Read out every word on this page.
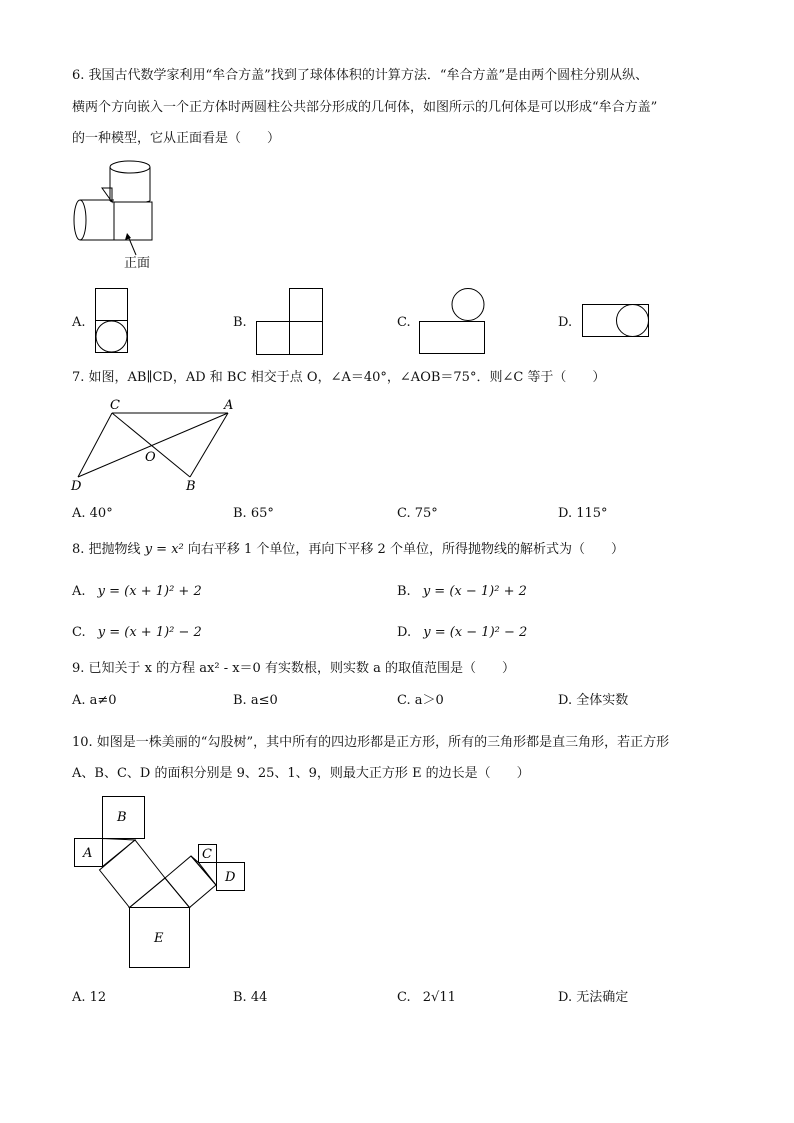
6. 我国古代数学家利用“牟合方盖”找到了球体体积的计算方法．“牟合方盖”是由两个圆柱分别从纵、
横两个方向嵌入一个正方体时两圆柱公共部分形成的几何体，如图所示的几何体是可以形成“牟合方盖”
的一种模型，它从正面看是（　　）
正面
A.	B.	C.	D.
7. 如图，AB∥CD，AD 和 BC 相交于点 O，∠A＝40°，∠AOB＝75°．则∠C 等于（　　）
C	A
O
D	B
A. 40°	B. 65°	C. 75°	D. 115°
8. 把抛物线 y = x² 向右平移 1 个单位，再向下平移 2 个单位，所得抛物线的解析式为（　　）
A. y = (x + 1)² + 2	B. y = (x − 1)² + 2
C. y = (x + 1)² − 2	D. y = (x − 1)² − 2
9. 已知关于 x 的方程 ax² - x＝0 有实数根，则实数 a 的取值范围是（　　）
A. a≠0	B. a≤0	C. a＞0	D. 全体实数
10. 如图是一株美丽的“勾股树”，其中所有的四边形都是正方形，所有的三角形都是直三角形，若正方形
A、B、C、D 的面积分别是 9、25、1、9，则最大正方形 E 的边长是（　　）
A
B
C
D
E
A. 12	B. 44	C. 2√11	D. 无法确定
